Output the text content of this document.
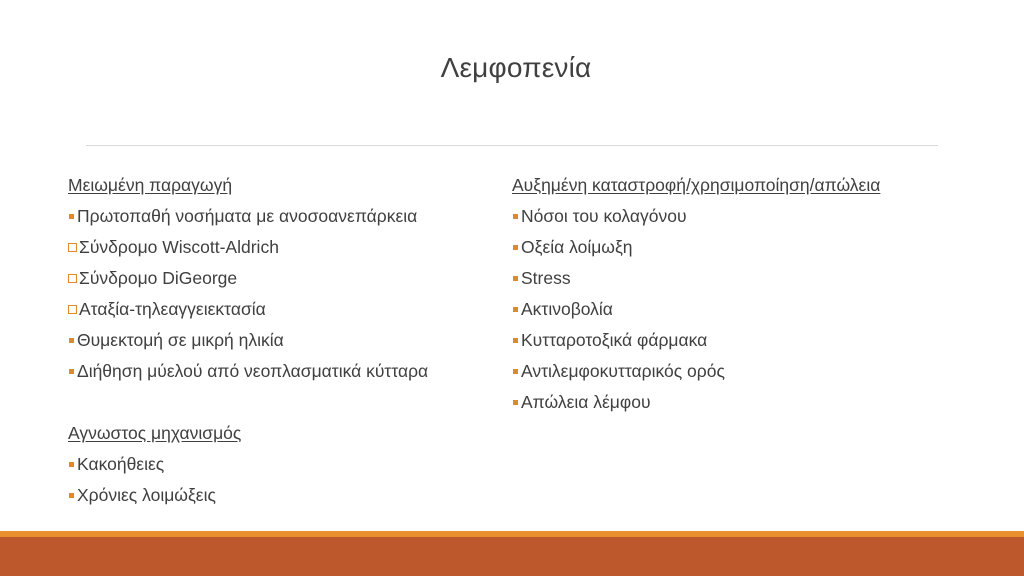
Λεμφοπενία
Μειωμένη παραγωγή
Πρωτοπαθή νοσήματα με ανοσοανεπάρκεια
Σύνδρομο Wiscott-Aldrich
Σύνδρομο DiGeorge
Αταξία-τηλεαγγειεκτασία
Θυμεκτομή σε μικρή ηλικία
Διήθηση μύελού από νεοπλασματικά κύτταρα
Αγνωστος μηχανισμός
Κακοήθειες
Χρόνιες λοιμώξεις
Αυξημένη καταστροφή/χρησιμοποίηση/απώλεια
Νόσοι του κολαγόνου
Οξεία λοίμωξη
Stress
Ακτινοβολία
Κυτταροτοξικά φάρμακα
Αντιλεμφοκυτταρικός ορός
Απώλεια λέμφου
